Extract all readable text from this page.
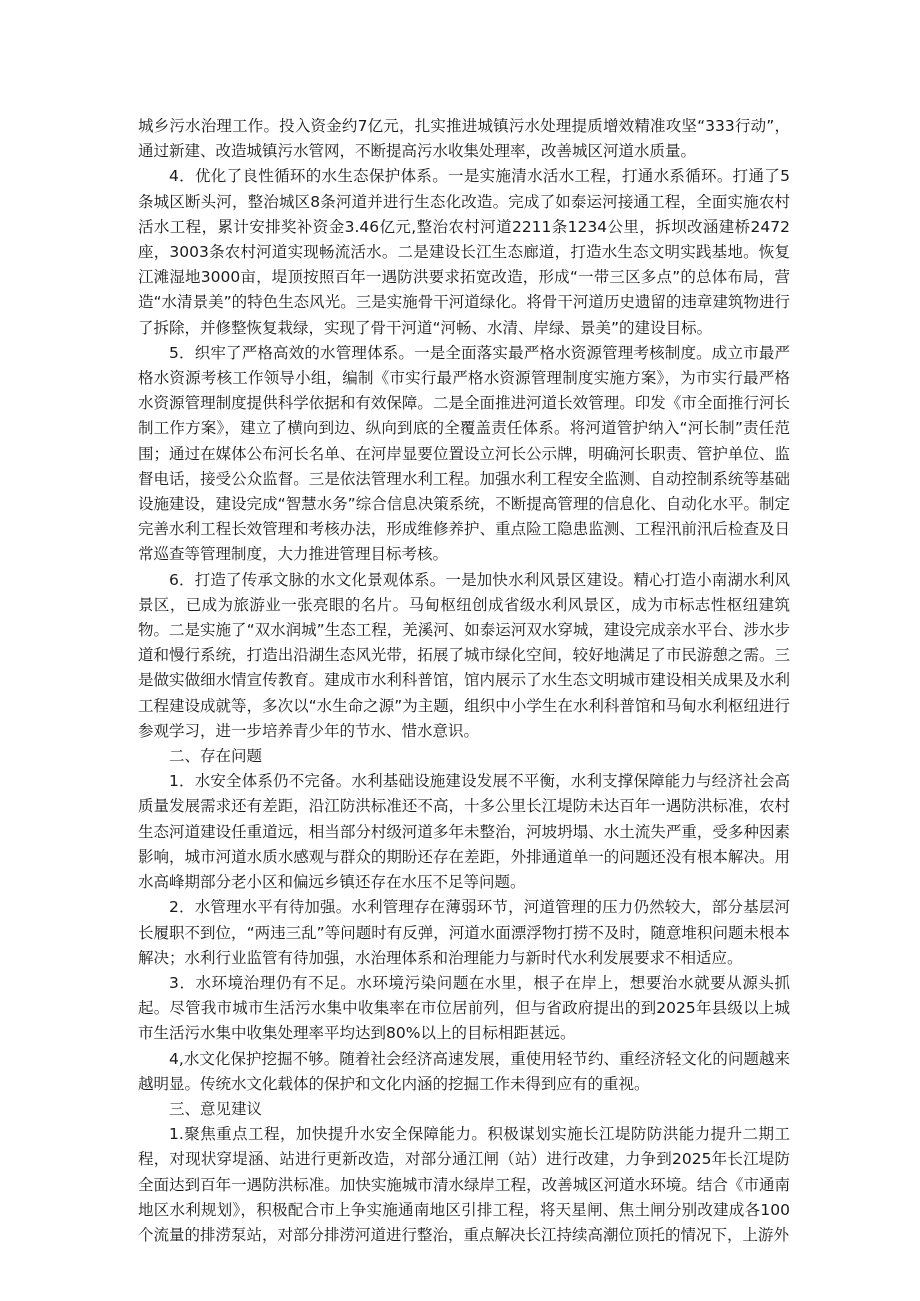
城乡污水治理工作。投入资金约7亿元，扎实推进城镇污水处理提质增效精准攻坚“333行动”，通过新建、改造城镇污水管网，不断提高污水收集处理率，改善城区河道水质量。

4．优化了良性循环的水生态保护体系。一是实施清水活水工程，打通水系循环。打通了5条城区断头河，整治城区8条河道并进行生态化改造。完成了如泰运河接通工程，全面实施农村活水工程，累计安排奖补资金3.46亿元,整治农村河道2211条1234公里，拆坝改涵建桥2472座，3003条农村河道实现畅流活水。二是建设长江生态廊道，打造水生态文明实践基地。恢复江滩湿地3000亩，堤顶按照百年一遇防洪要求拓宽改造，形成“一带三区多点”的总体布局，营造“水清景美”的特色生态风光。三是实施骨干河道绿化。将骨干河道历史遗留的违章建筑物进行了拆除，并修整恢复栽绿，实现了骨干河道“河畅、水清、岸绿、景美”的建设目标。

5．织牢了严格高效的水管理体系。一是全面落实最严格水资源管理考核制度。成立市最严格水资源考核工作领导小组，编制《市实行最严格水资源管理制度实施方案》，为市实行最严格水资源管理制度提供科学依据和有效保障。二是全面推进河道长效管理。印发《市全面推行河长制工作方案》，建立了横向到边、纵向到底的全覆盖责任体系。将河道管护纳入“河长制”责任范围；通过在媒体公布河长名单、在河岸显要位置设立河长公示牌，明确河长职责、管护单位、监督电话，接受公众监督。三是依法管理水利工程。加强水利工程安全监测、自动控制系统等基础设施建设，建设完成“智慧水务”综合信息决策系统，不断提高管理的信息化、自动化水平。制定完善水利工程长效管理和考核办法，形成维修养护、重点险工隐患监测、工程汛前汛后检查及日常巡查等管理制度，大力推进管理目标考核。

6．打造了传承文脉的水文化景观体系。一是加快水利风景区建设。精心打造小南湖水利风景区，已成为旅游业一张亮眼的名片。马甸枢纽创成省级水利风景区，成为市标志性枢纽建筑物。二是实施了“双水润城”生态工程，羌溪河、如泰运河双水穿城，建设完成亲水平台、涉水步道和慢行系统，打造出沿湖生态风光带，拓展了城市绿化空间，较好地满足了市民游憩之需。三是做实做细水情宣传教育。建成市水利科普馆，馆内展示了水生态文明城市建设相关成果及水利工程建设成就等，多次以“水生命之源”为主题，组织中小学生在水利科普馆和马甸水利枢纽进行参观学习，进一步培养青少年的节水、惜水意识。

二、存在问题

1．水安全体系仍不完备。水利基础设施建设发展不平衡，水利支撑保障能力与经济社会高质量发展需求还有差距，沿江防洪标准还不高，十多公里长江堤防未达百年一遇防洪标准，农村生态河道建设任重道远，相当部分村级河道多年未整治，河坡坍塌、水土流失严重，受多种因素影响，城市河道水质水感观与群众的期盼还存在差距，外排通道单一的问题还没有根本解决。用水高峰期部分老小区和偏远乡镇还存在水压不足等问题。

2．水管理水平有待加强。水利管理存在薄弱环节，河道管理的压力仍然较大，部分基层河长履职不到位，“两违三乱”等问题时有反弹，河道水面漂浮物打捞不及时，随意堆积问题未根本解决；水利行业监管有待加强，水治理体系和治理能力与新时代水利发展要求不相适应。

3．水环境治理仍有不足。水环境污染问题在水里，根子在岸上，想要治水就要从源头抓起。尽管我市城市生活污水集中收集率在市位居前列，但与省政府提出的到2025年县级以上城市生活污水集中收集处理率平均达到80%以上的目标相距甚远。

4,水文化保护挖掘不够。随着社会经济高速发展，重使用轻节约、重经济轻文化的问题越来越明显。传统水文化载体的保护和文化内涵的挖掘工作未得到应有的重视。

三、意见建议

1.聚焦重点工程，加快提升水安全保障能力。积极谋划实施长江堤防防洪能力提升二期工程，对现状穿堤涵、站进行更新改造，对部分通江闸（站）进行改建，力争到2025年长江堤防全面达到百年一遇防洪标准。加快实施城市清水绿岸工程，改善城区河道水环境。结合《市通南地区水利规划》，积极配合市上争实施通南地区引排工程，将天星闸、焦土闸分别改建成各100个流量的排涝泵站，对部分排涝河道进行整治，重点解决长江持续高潮位顶托的情况下，上游外
